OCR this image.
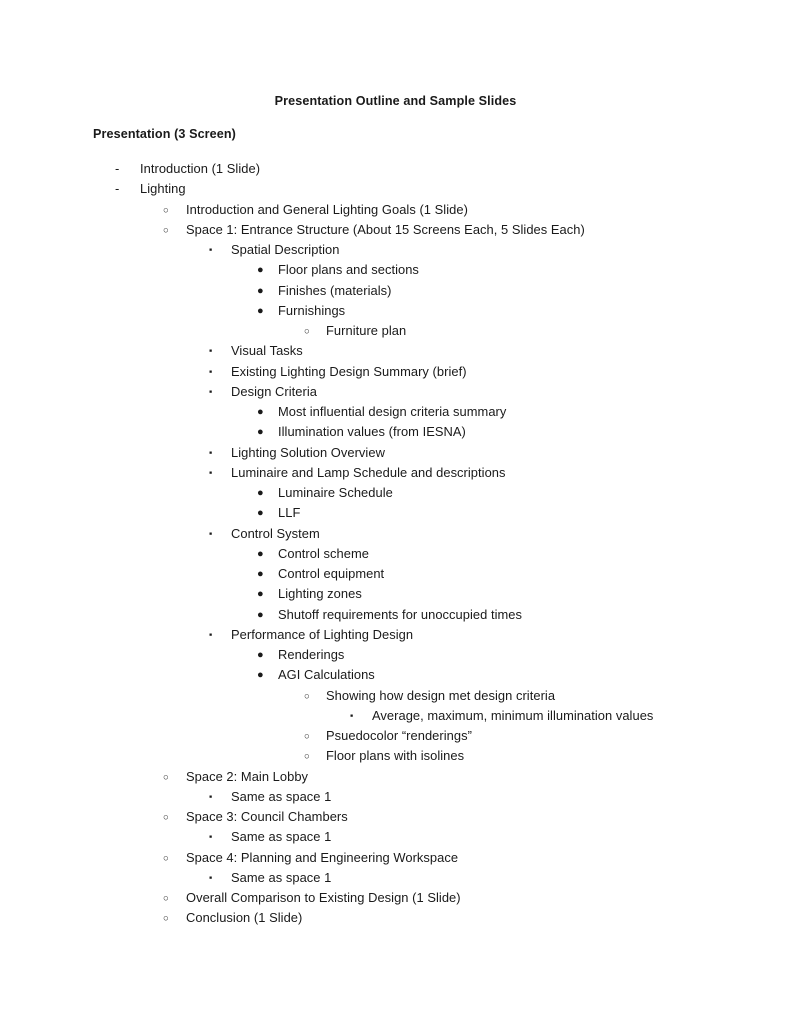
Presentation Outline and Sample Slides
Presentation (3 Screen)
- Introduction (1 Slide)
- Lighting
○ Introduction and General Lighting Goals (1 Slide)
○ Space 1: Entrance Structure (About 15 Screens Each, 5 Slides Each)
▪ Spatial Description
● Floor plans and sections
● Finishes (materials)
● Furnishings
○ Furniture plan
▪ Visual Tasks
▪ Existing Lighting Design Summary (brief)
▪ Design Criteria
● Most influential design criteria summary
● Illumination values (from IESNA)
▪ Lighting Solution Overview
▪ Luminaire and Lamp Schedule and descriptions
● Luminaire Schedule
● LLF
▪ Control System
● Control scheme
● Control equipment
● Lighting zones
● Shutoff requirements for unoccupied times
▪ Performance of Lighting Design
● Renderings
● AGI Calculations
○ Showing how design met design criteria
▪ Average, maximum, minimum illumination values
○ Psuedocolor “renderings”
○ Floor plans with isolines
○ Space 2: Main Lobby
▪ Same as space 1
○ Space 3: Council Chambers
▪ Same as space 1
○ Space 4: Planning and Engineering Workspace
▪ Same as space 1
○ Overall Comparison to Existing Design (1 Slide)
○ Conclusion (1 Slide)
